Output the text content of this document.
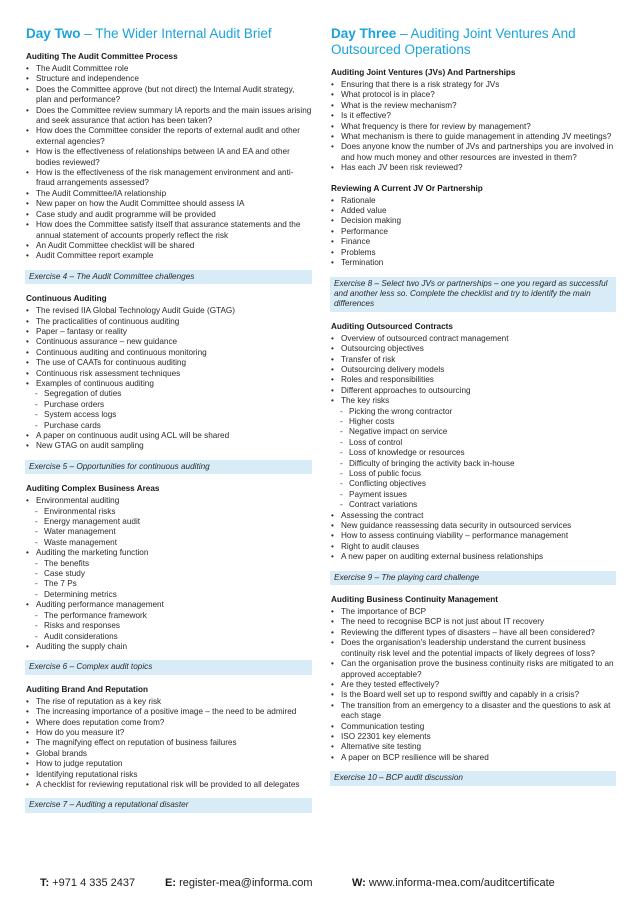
Day Two – The Wider Internal Audit Brief
Auditing The Audit Committee Process
• The Audit Committee role
• Structure and independence
• Does the Committee approve (but not direct) the Internal Audit strategy, plan and performance?
• Does the Committee review summary IA reports and the main issues arising and seek assurance that action has been taken?
• How does the Committee consider the reports of external audit and other external agencies?
• How is the effectiveness of relationships between IA and EA and other bodies reviewed?
• How is the effectiveness of the risk management environment and anti-fraud arrangements assessed?
• The Audit Committee/IA relationship
• New paper on how the Audit Committee should assess IA
• Case study and audit programme will be provided
• How does the Committee satisfy itself that assurance statements and the annual statement of accounts properly reflect the risk
• An Audit Committee checklist will be shared
• Audit Committee report example
Exercise 4 – The Audit Committee challenges
Continuous Auditing
• The revised IIA Global Technology Audit Guide (GTAG)
• The practicalities of continuous auditing
• Paper – fantasy or reality
• Continuous assurance – new guidance
• Continuous auditing and continuous monitoring
• The use of CAATs for continuous auditing
• Continuous risk assessment techniques
• Examples of continuous auditing
- Segregation of duties
- Purchase orders
- System access logs
- Purchase cards
• A paper on continuous audit using ACL will be shared
• New GTAG on audit sampling
Exercise 5 – Opportunities for continuous auditing
Auditing Complex Business Areas
• Environmental auditing
- Environmental risks
- Energy management audit
- Water management
- Waste management
• Auditing the marketing function
- The benefits
- Case study
- The 7 Ps
- Determining metrics
• Auditing performance management
- The performance framework
- Risks and responses
- Audit considerations
• Auditing the supply chain
Exercise 6 – Complex audit topics
Auditing Brand And Reputation
• The rise of reputation as a key risk
• The increasing importance of a positive image – the need to be admired
• Where does reputation come from?
• How do you measure it?
• The magnifying effect on reputation of business failures
• Global brands
• How to judge reputation
• Identifying reputational risks
• A checklist for reviewing reputational risk will be provided to all delegates
Exercise 7 – Auditing a reputational disaster
Day Three – Auditing Joint Ventures And Outsourced Operations
Auditing Joint Ventures (JVs) And Partnerships
• Ensuring that there is a risk strategy for JVs
• What protocol is in place?
• What is the review mechanism?
• Is it effective?
• What frequency is there for review by management?
• What mechanism is there to guide management in attending JV meetings?
• Does anyone know the number of JVs and partnerships you are involved in and how much money and other resources are invested in them?
• Has each JV been risk reviewed?
Reviewing A Current JV Or Partnership
• Rationale
• Added value
• Decision making
• Performance
• Finance
• Problems
• Termination
Exercise 8 – Select two JVs or partnerships – one you regard as successful and another less so. Complete the checklist and try to identify the main differences
Auditing Outsourced Contracts
• Overview of outsourced contract management
• Outsourcing objectives
• Transfer of risk
• Outsourcing delivery models
• Roles and responsibilities
• Different approaches to outsourcing
• The key risks
- Picking the wrong contractor
- Higher costs
- Negative impact on service
- Loss of control
- Loss of knowledge or resources
- Difficulty of bringing the activity back in-house
- Loss of public focus
- Conflicting objectives
- Payment issues
- Contract variations
• Assessing the contract
• New guidance reassessing data security in outsourced services
• How to assess continuing viability – performance management
• Right to audit clauses
• A new paper on auditing external business relationships
Exercise 9 – The playing card challenge
Auditing Business Continuity Management
• The importance of BCP
• The need to recognise BCP is not just about IT recovery
• Reviewing the different types of disasters – have all been considered?
• Does the organisation's leadership understand the current business continuity risk level and the potential impacts of likely degrees of loss?
• Can the organisation prove the business continuity risks are mitigated to an approved acceptable?
• Are they tested effectively?
• Is the Board well set up to respond swiftly and capably in a crisis?
• The transition from an emergency to a disaster and the questions to ask at each stage
• Communication testing
• ISO 22301 key elements
• Alternative site testing
• A paper on BCP resilience will be shared
Exercise 10 – BCP audit discussion
T: +971 4 335 2437	E: register-mea@informa.com	W: www.informa-mea.com/auditcertificate
